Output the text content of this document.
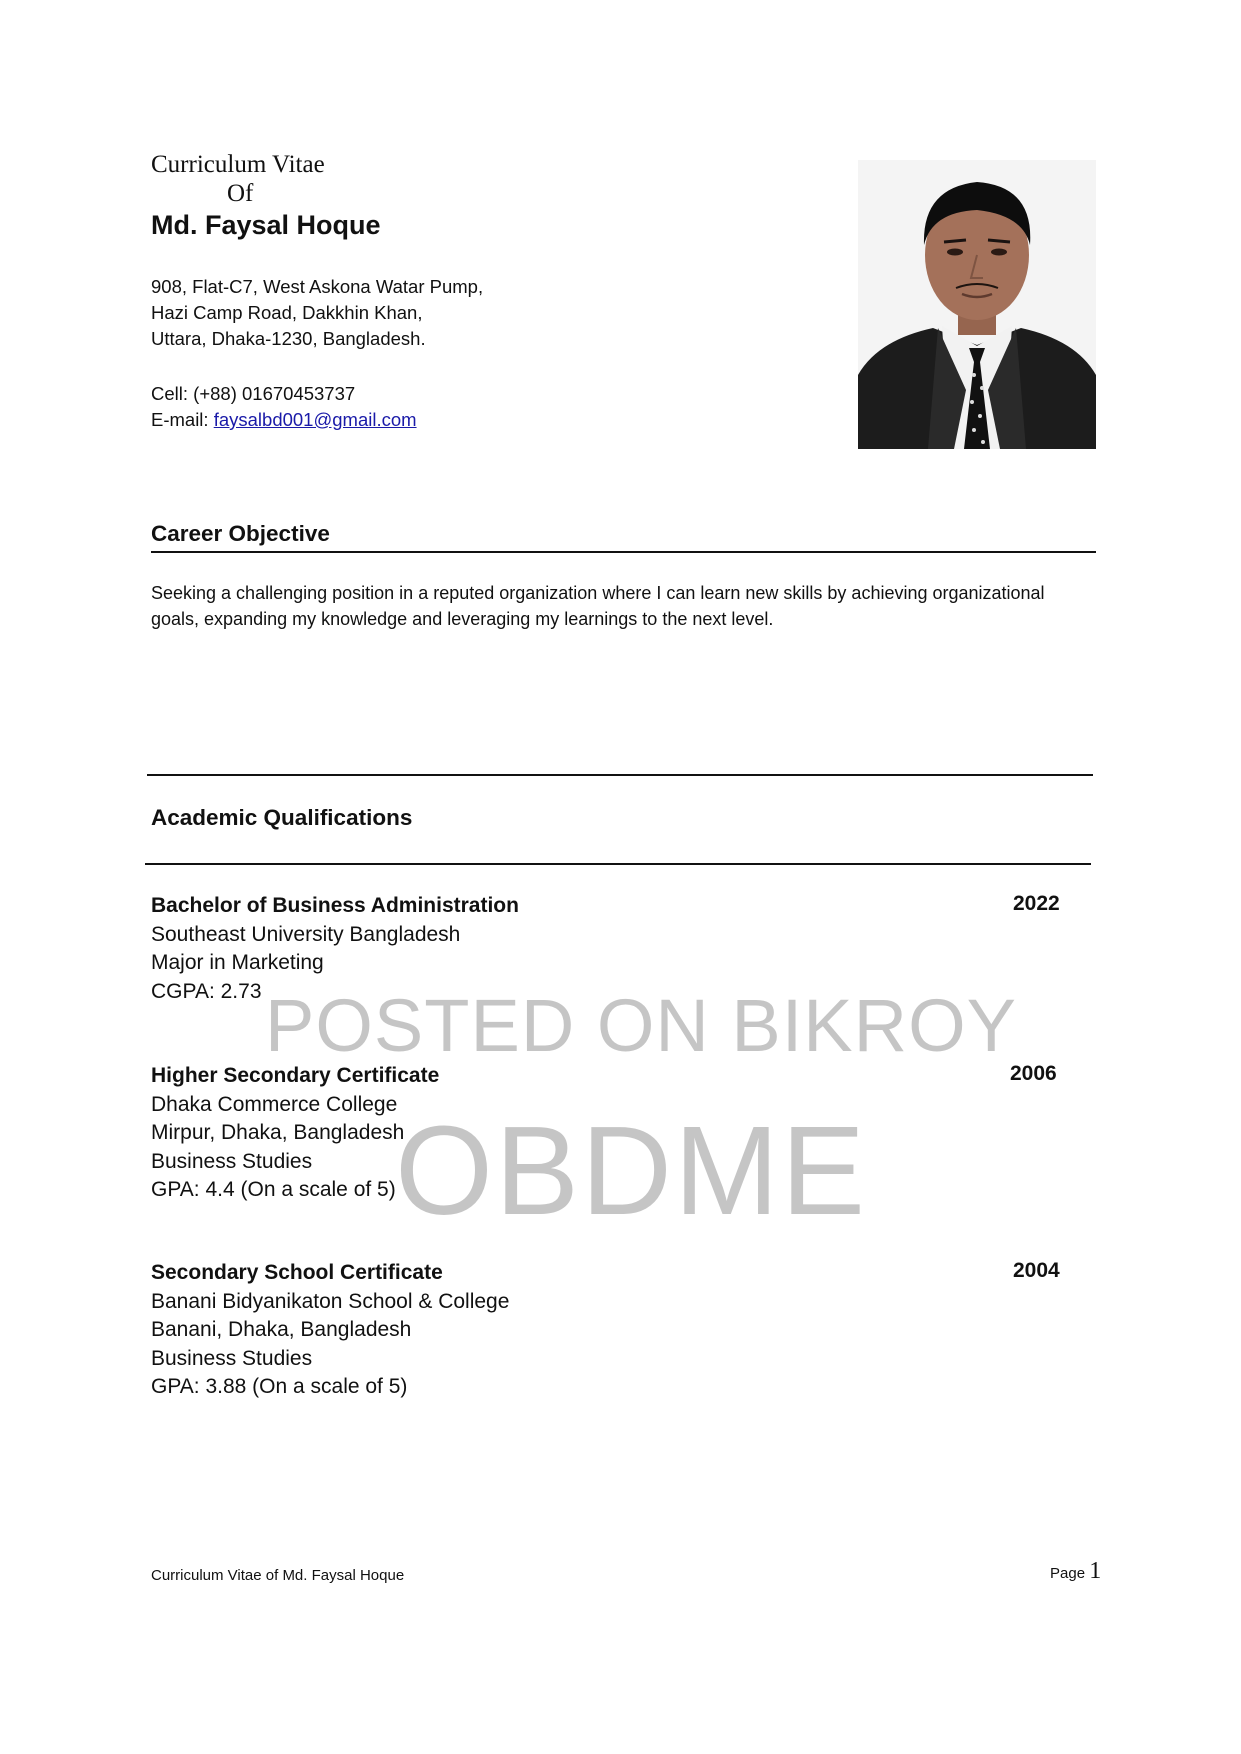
Curriculum Vitae
Of
Md. Faysal Hoque
908, Flat-C7, West Askona Watar Pump,
Hazi Camp Road, Dakkhin Khan,
Uttara, Dhaka-1230, Bangladesh.
Cell: (+88) 01670453737
E-mail: faysalbd001@gmail.com
Career Objective
Seeking a challenging position in a reputed organization where I can learn new skills by achieving organizational goals, expanding my knowledge and leveraging my learnings to the next level.
Academic Qualifications
Bachelor of Business Administration
Southeast University Bangladesh
Major in Marketing
CGPA: 2.73
2022
Higher Secondary Certificate
Dhaka Commerce College
Mirpur, Dhaka, Bangladesh
Business Studies
GPA: 4.4 (On a scale of 5)
2006
Secondary School Certificate
Banani Bidyanikaton School & College
Banani, Dhaka, Bangladesh
Business Studies
GPA: 3.88 (On a scale of 5)
2004
POSTED ON BIKROY
OBDME
Curriculum Vitae of Md. Faysal Hoque	Page 1
